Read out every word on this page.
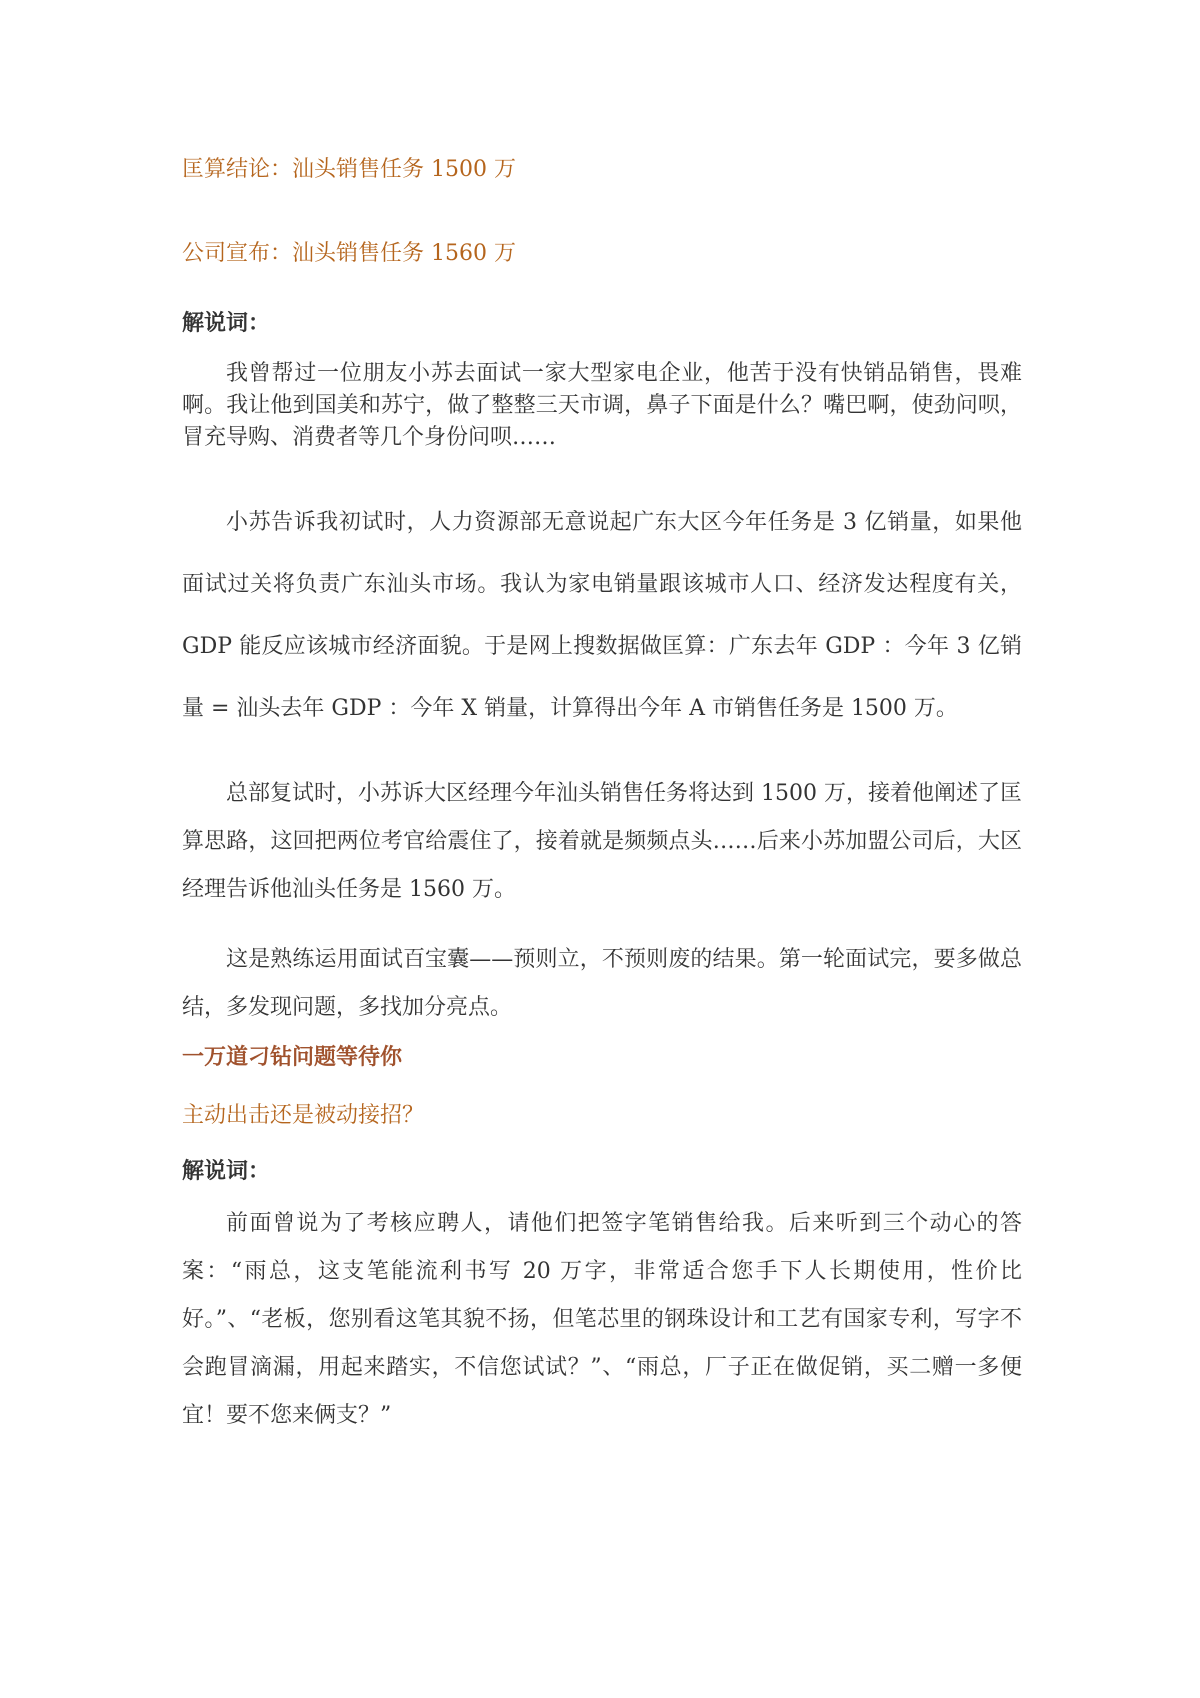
匡算结论：汕头销售任务 1500 万

公司宣布：汕头销售任务 1560 万

解说词：

我曾帮过一位朋友小苏去面试一家大型家电企业，他苦于没有快销品销售，畏难啊。我让他到国美和苏宁，做了整整三天市调，鼻子下面是什么？嘴巴啊，使劲问呗，冒充导购、消费者等几个身份问呗……

小苏告诉我初试时，人力资源部无意说起广东大区今年任务是 3 亿销量，如果他面试过关将负责广东汕头市场。我认为家电销量跟该城市人口、经济发达程度有关，GDP 能反应该城市经济面貌。于是网上搜数据做匡算：广东去年 GDP ：今年 3 亿销量 = 汕头去年 GDP ：今年 X 销量，计算得出今年 A 市销售任务是 1500 万。

总部复试时，小苏诉大区经理今年汕头销售任务将达到 1500 万，接着他阐述了匡算思路，这回把两位考官给震住了，接着就是频频点头……后来小苏加盟公司后，大区经理告诉他汕头任务是 1560 万。

这是熟练运用面试百宝囊——预则立，不预则废的结果。第一轮面试完，要多做总结，多发现问题，多找加分亮点。

一万道刁钻问题等待你

主动出击还是被动接招？

解说词：

前面曾说为了考核应聘人，请他们把签字笔销售给我。后来听到三个动心的答案：“雨总，这支笔能流利书写 20 万字，非常适合您手下人长期使用，性价比好。”、“老板，您别看这笔其貌不扬，但笔芯里的钢珠设计和工艺有国家专利，写字不会跑冒滴漏，用起来踏实，不信您试试？”、“雨总，厂子正在做促销，买二赠一多便宜！要不您来俩支？”
